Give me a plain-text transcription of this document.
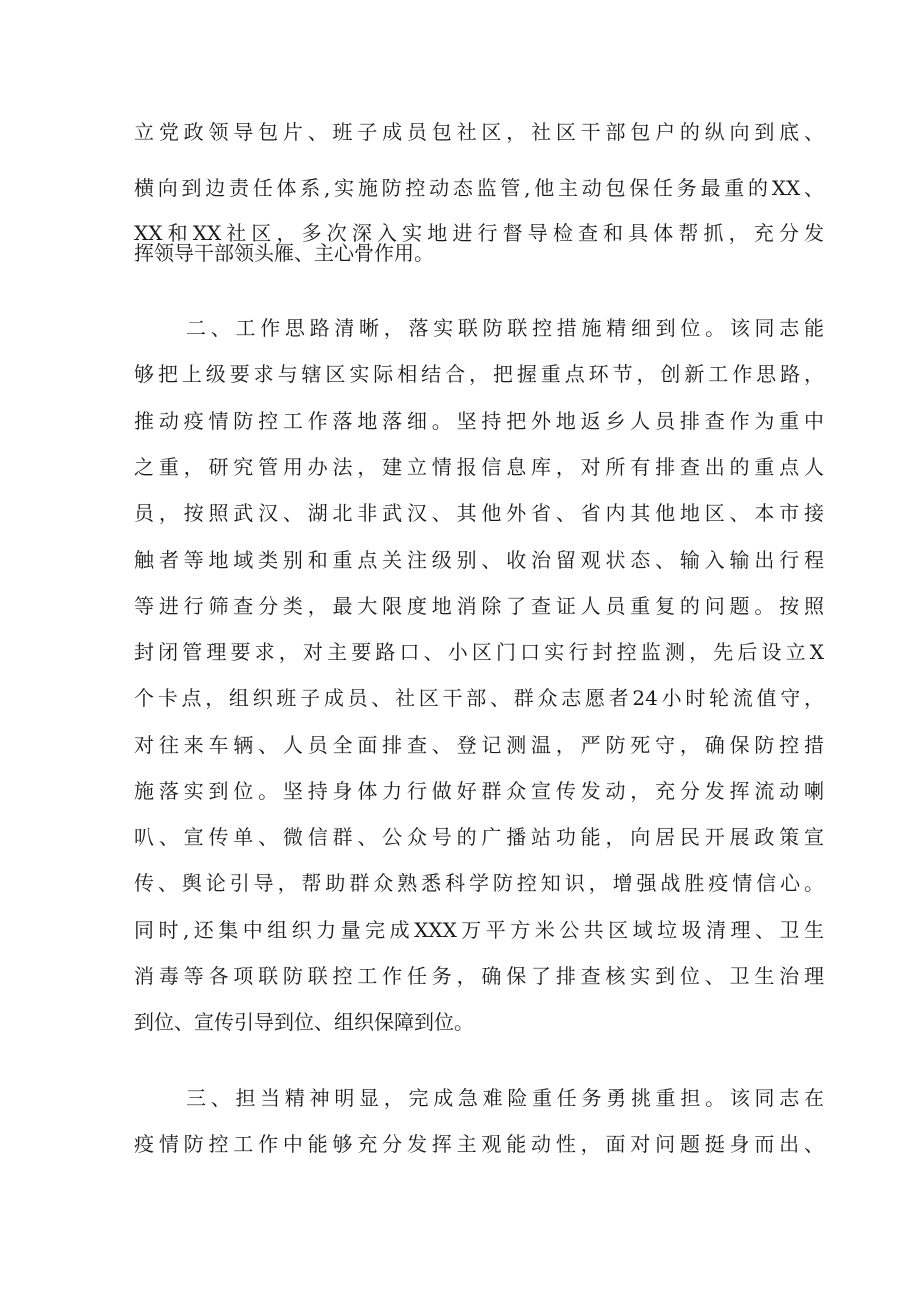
立党政领导包片、班子成员包社区，社区干部包户的纵向到底、
横向到边责任体系,实施防控动态监管,他主动包保任务最重的XX、
XX和XX社区，多次深入实地进行督导检查和具体帮抓，充分发
挥领导干部领头雁、主心骨作用。
二、工作思路清晰，落实联防联控措施精细到位。该同志能
够把上级要求与辖区实际相结合，把握重点环节，创新工作思路，
推动疫情防控工作落地落细。坚持把外地返乡人员排查作为重中
之重，研究管用办法，建立情报信息库，对所有排查出的重点人
员，按照武汉、湖北非武汉、其他外省、省内其他地区、本市接
触者等地域类别和重点关注级别、收治留观状态、输入输出行程
等进行筛查分类，最大限度地消除了查证人员重复的问题。按照
封闭管理要求，对主要路口、小区门口实行封控监测，先后设立X
个卡点，组织班子成员、社区干部、群众志愿者24小时轮流值守，
对往来车辆、人员全面排查、登记测温，严防死守，确保防控措
施落实到位。坚持身体力行做好群众宣传发动，充分发挥流动喇
叭、宣传单、微信群、公众号的广播站功能，向居民开展政策宣
传、舆论引导，帮助群众熟悉科学防控知识，增强战胜疫情信心。
同时,还集中组织力量完成XXX万平方米公共区域垃圾清理、卫生
消毒等各项联防联控工作任务，确保了排查核实到位、卫生治理
到位、宣传引导到位、组织保障到位。
三、担当精神明显，完成急难险重任务勇挑重担。该同志在
疫情防控工作中能够充分发挥主观能动性，面对问题挺身而出、
